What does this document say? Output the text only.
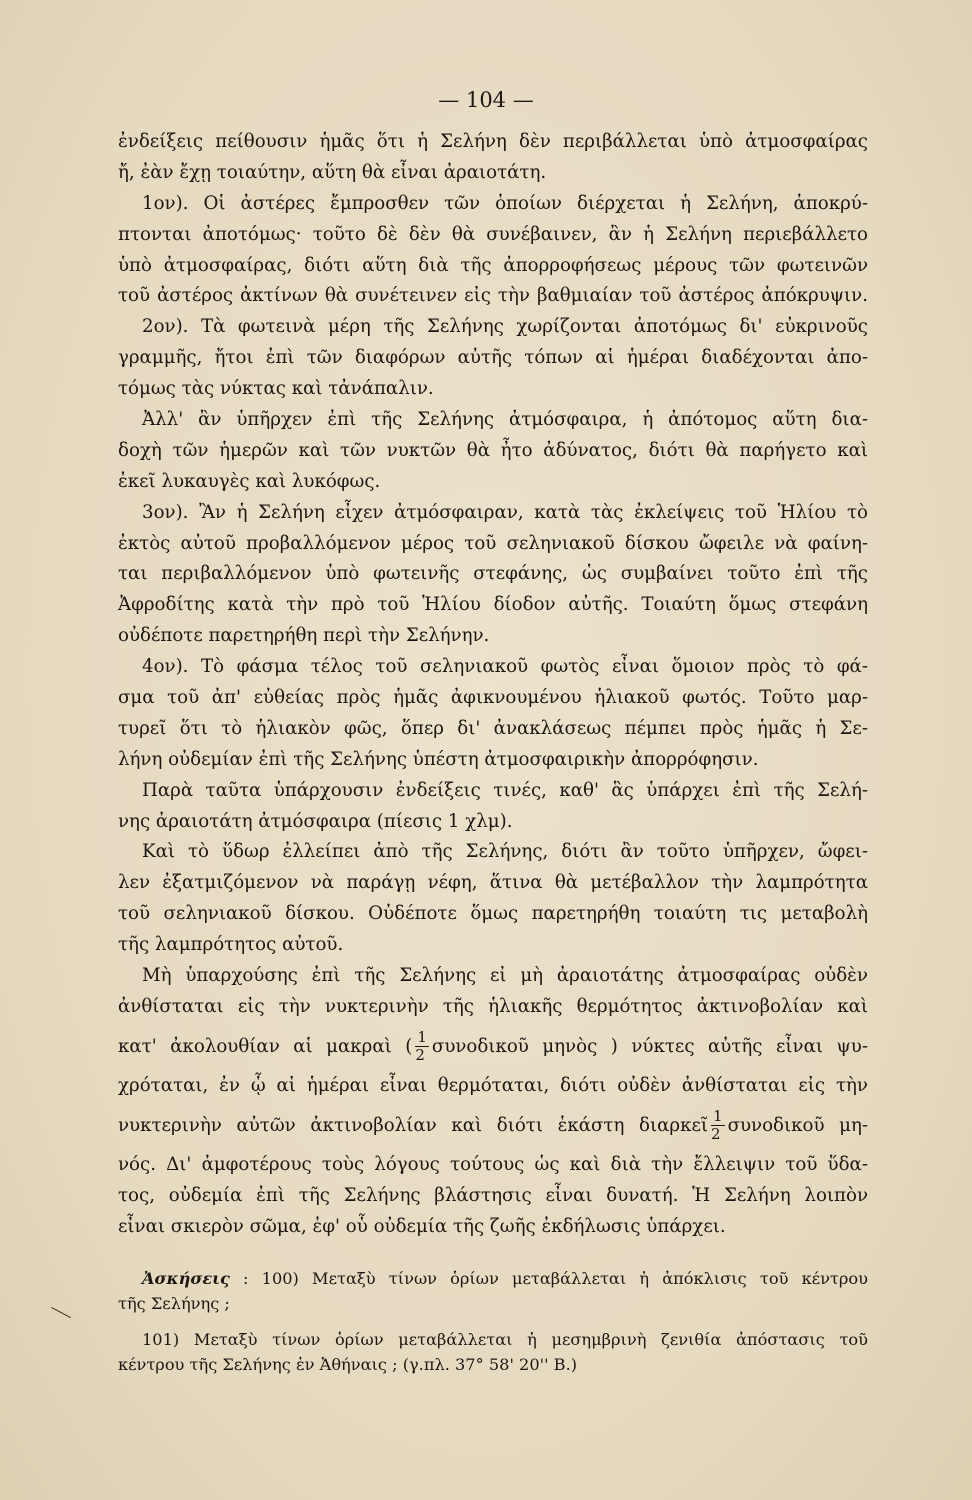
— 104 —
ἐνδείξεις πείθουσιν ἡμᾶς ὅτι ἡ Σελήνη δὲν περιβάλλεται ὑπὸ ἀτμοσφαίρας
ἤ, ἐὰν ἔχῃ τοιαύτην, αὕτη θὰ εἶναι ἀραιοτάτη.
1ον). Οἱ ἀστέρες ἔμπροσθεν τῶν ὁποίων διέρχεται ἡ Σελήνη, ἀποκρύ-
πτονται ἀποτόμως· τοῦτο δὲ δὲν θὰ συνέβαινεν, ἂν ἡ Σελήνη περιεβάλλετο
ὑπὸ ἀτμοσφαίρας, διότι αὕτη διὰ τῆς ἀπορροφήσεως μέρους τῶν φωτεινῶν
τοῦ ἀστέρος ἀκτίνων θὰ συνέτεινεν εἰς τὴν βαθμιαίαν τοῦ ἀστέρος ἀπόκρυψιν.
2ον). Τὰ φωτεινὰ μέρη τῆς Σελήνης χωρίζονται ἀποτόμως δι' εὐκρινοῦς
γραμμῆς, ἤτοι ἐπὶ τῶν διαφόρων αὐτῆς τόπων αἱ ἡμέραι διαδέχονται ἀπο-
τόμως τὰς νύκτας καὶ τἀνάπαλιν.
Ἀλλ' ἂν ὑπῆρχεν ἐπὶ τῆς Σελήνης ἀτμόσφαιρα, ἡ ἀπότομος αὕτη δια-
δοχὴ τῶν ἡμερῶν καὶ τῶν νυκτῶν θὰ ἦτο ἀδύνατος, διότι θὰ παρήγετο καὶ
ἐκεῖ λυκαυγὲς καὶ λυκόφως.
3ον). Ἂν ἡ Σελήνη εἶχεν ἀτμόσφαιραν, κατὰ τὰς ἐκλείψεις τοῦ Ἡλίου τὸ
ἐκτὸς αὐτοῦ προβαλλόμενον μέρος τοῦ σεληνιακοῦ δίσκου ὤφειλε νὰ φαίνη-
ται περιβαλλόμενον ὑπὸ φωτεινῆς στεφάνης, ὡς συμβαίνει τοῦτο ἐπὶ τῆς
Ἀφροδίτης κατὰ τὴν πρὸ τοῦ Ἡλίου δίοδον αὐτῆς. Τοιαύτη ὅμως στεφάνη
οὐδέποτε παρετηρήθη περὶ τὴν Σελήνην.
4ον). Τὸ φάσμα τέλος τοῦ σεληνιακοῦ φωτὸς εἶναι ὅμοιον πρὸς τὸ φά-
σμα τοῦ ἀπ' εὐθείας πρὸς ἡμᾶς ἀφικνουμένου ἡλιακοῦ φωτός. Τοῦτο μαρ-
τυρεῖ ὅτι τὸ ἡλιακὸν φῶς, ὅπερ δι' ἀνακλάσεως πέμπει πρὸς ἡμᾶς ἡ Σε-
λήνη οὐδεμίαν ἐπὶ τῆς Σελήνης ὑπέστη ἀτμοσφαιρικὴν ἀπορρόφησιν.
Παρὰ ταῦτα ὑπάρχουσιν ἐνδείξεις τινές, καθ' ἃς ὑπάρχει ἐπὶ τῆς Σελή-
νης ἀραιοτάτη ἀτμόσφαιρα (πίεσις 1 χλμ).
Καὶ τὸ ὕδωρ ἐλλείπει ἀπὸ τῆς Σελήνης, διότι ἂν τοῦτο ὑπῆρχεν, ὤφει-
λεν ἐξατμιζόμενον νὰ παράγῃ νέφη, ἅτινα θὰ μετέβαλλον τὴν λαμπρότητα
τοῦ σεληνιακοῦ δίσκου. Οὐδέποτε ὅμως παρετηρήθη τοιαύτη τις μεταβολὴ
τῆς λαμπρότητος αὐτοῦ.
Μὴ ὑπαρχούσης ἐπὶ τῆς Σελήνης εἰ μὴ ἀραιοτάτης ἀτμοσφαίρας οὐδὲν
ἀνθίσταται εἰς τὴν νυκτερινὴν τῆς ἡλιακῆς θερμότητος ἀκτινοβολίαν καὶ
κατ' ἀκολουθίαν αἱ μακραὶ ( $\frac{1}{2}$ συνοδικοῦ μηνὸς ) νύκτες αὐτῆς εἶναι ψυ-
χρόταται, ἐν ᾧ αἱ ἡμέραι εἶναι θερμόταται, διότι οὐδὲν ἀνθίσταται εἰς τὴν
νυκτερινὴν αὐτῶν ἀκτινοβολίαν καὶ διότι ἑκάστη διαρκεῖ $\frac{1}{2}$ συνοδικοῦ μη-
νός. Δι' ἀμφοτέρους τοὺς λόγους τούτους ὡς καὶ διὰ τὴν ἔλλειψιν τοῦ ὕδα-
τος, οὐδεμία ἐπὶ τῆς Σελήνης βλάστησις εἶναι δυνατή. Ἡ Σελήνη λοιπὸν
εἶναι σκιερὸν σῶμα, ἐφ' οὗ οὐδεμία τῆς ζωῆς ἐκδήλωσις ὑπάρχει.
Ἀσκήσεις : 100) Μεταξὺ τίνων ὁρίων μεταβάλλεται ἡ ἀπόκλισις τοῦ κέντρου
τῆς Σελήνης ;
101) Μεταξὺ τίνων ὁρίων μεταβάλλεται ἡ μεσημβρινὴ ζενιθία ἀπόστασις τοῦ
κέντρου τῆς Σελήνης ἐν Ἀθήναις ; (γ.πλ. 37° 58' 20'' Β.)
